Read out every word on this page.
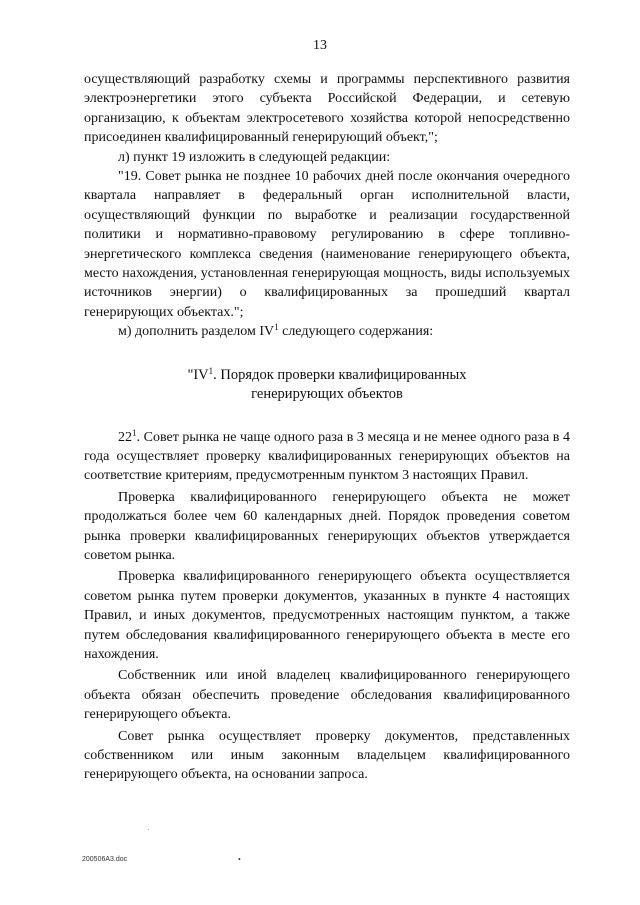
13

осуществляющий разработку схемы и программы перспективного развития электроэнергетики этого субъекта Российской Федерации, и сетевую организацию, к объектам электросетевого хозяйства которой непосредственно присоединен квалифицированный генерирующий объект,";

л) пункт 19 изложить в следующей редакции:

"19. Совет рынка не позднее 10 рабочих дней после окончания очередного квартала направляет в федеральный орган исполнительной власти, осуществляющий функции по выработке и реализации государственной политики и нормативно-правовому регулированию в сфере топливно-энергетического комплекса сведения (наименование генерирующего объекта, место нахождения, установленная генерирующая мощность, виды используемых источников энергии) о квалифицированных за прошедший квартал генерирующих объектах.";

м) дополнить разделом $IV^1$ следующего содержания:

"$IV^1$. Порядок проверки квалифицированных
генерирующих объектов

$22^1$. Совет рынка не чаще одного раза в 3 месяца и не менее одного раза в 4 года осуществляет проверку квалифицированных генерирующих объектов на соответствие критериям, предусмотренным пунктом 3 настоящих Правил.

Проверка квалифицированного генерирующего объекта не может продолжаться более чем 60 календарных дней. Порядок проведения советом рынка проверки квалифицированных генерирующих объектов утверждается советом рынка.

Проверка квалифицированного генерирующего объекта осуществляется советом рынка путем проверки документов, указанных в пункте 4 настоящих Правил, и иных документов, предусмотренных настоящим пунктом, а также путем обследования квалифицированного генерирующего объекта в месте его нахождения.

Собственник или иной владелец квалифицированного генерирующего объекта обязан обеспечить проведение обследования квалифицированного генерирующего объекта.

Совет рынка осуществляет проверку документов, представленных собственником или иным законным владельцем квалифицированного генерирующего объекта, на основании запроса.

200506A3.doc	•
